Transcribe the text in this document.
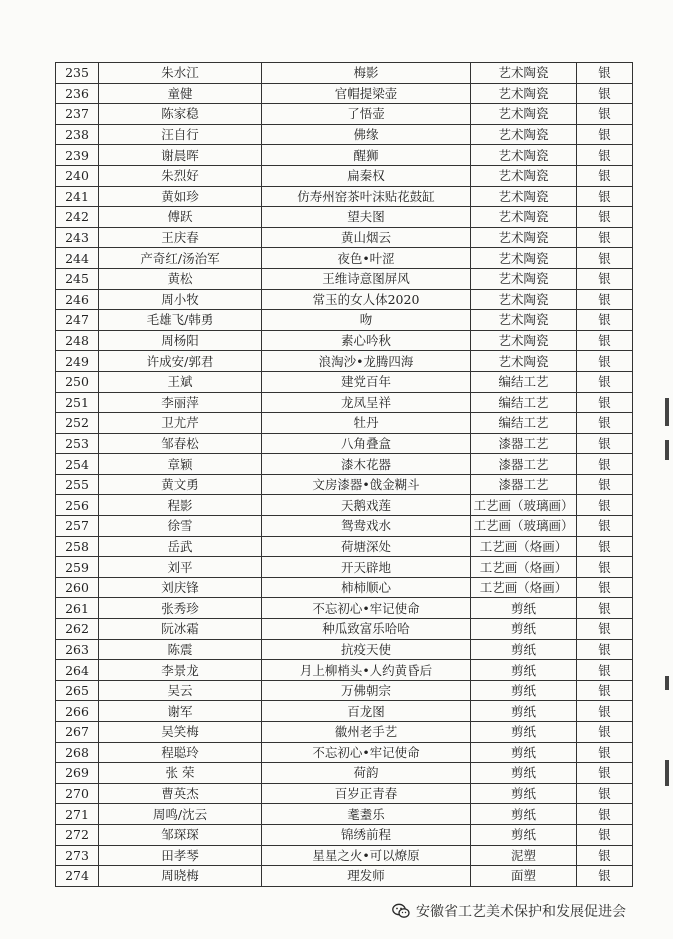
235	朱水江	梅影	艺术陶瓷	银
236	童健	官帽提梁壶	艺术陶瓷	银
237	陈家稳	了悟壶	艺术陶瓷	银
238	汪自行	佛缘	艺术陶瓷	银
239	谢晨晖	醒狮	艺术陶瓷	银
240	朱烈好	扁秦权	艺术陶瓷	银
241	黄如珍	仿寿州窑茶叶沫贴花鼓缸	艺术陶瓷	银
242	傅跃	望夫图	艺术陶瓷	银
243	王庆春	黄山烟云	艺术陶瓷	银
244	产奇红/汤治军	夜色•叶涩	艺术陶瓷	银
245	黄松	王维诗意图屏风	艺术陶瓷	银
246	周小牧	常玉的女人体2020	艺术陶瓷	银
247	毛雄飞/韩勇	吻	艺术陶瓷	银
248	周杨阳	素心吟秋	艺术陶瓷	银
249	许成安/郭君	浪淘沙•龙腾四海	艺术陶瓷	银
250	王斌	建党百年	编结工艺	银
251	李丽萍	龙凤呈祥	编结工艺	银
252	卫尤芹	牡丹	编结工艺	银
253	邹春松	八角叠盒	漆器工艺	银
254	章颖	漆木花器	漆器工艺	银
255	黄文勇	文房漆器•戗金糊斗	漆器工艺	银
256	程影	天鹅戏莲	工艺画（玻璃画）	银
257	徐雪	鸳鸯戏水	工艺画（玻璃画）	银
258	岳武	荷塘深处	工艺画（烙画）	银
259	刘平	开天辟地	工艺画（烙画）	银
260	刘庆锋	柿柿顺心	工艺画（烙画）	银
261	张秀珍	不忘初心•牢记使命	剪纸	银
262	阮冰霜	种瓜致富乐哈哈	剪纸	银
263	陈震	抗疫天使	剪纸	银
264	李景龙	月上柳梢头•人约黄昏后	剪纸	银
265	吴云	万佛朝宗	剪纸	银
266	谢军	百龙图	剪纸	银
267	吴笑梅	徽州老手艺	剪纸	银
268	程聪玲	不忘初心•牢记使命	剪纸	银
269	张 荣	荷韵	剪纸	银
270	曹英杰	百岁正青春	剪纸	银
271	周鸣/沈云	耄耋乐	剪纸	银
272	邹琛琛	锦绣前程	剪纸	银
273	田孝琴	星星之火•可以燎原	泥塑	银
274	周晓梅	理发师	面塑	银
安徽省工艺美术保护和发展促进会
